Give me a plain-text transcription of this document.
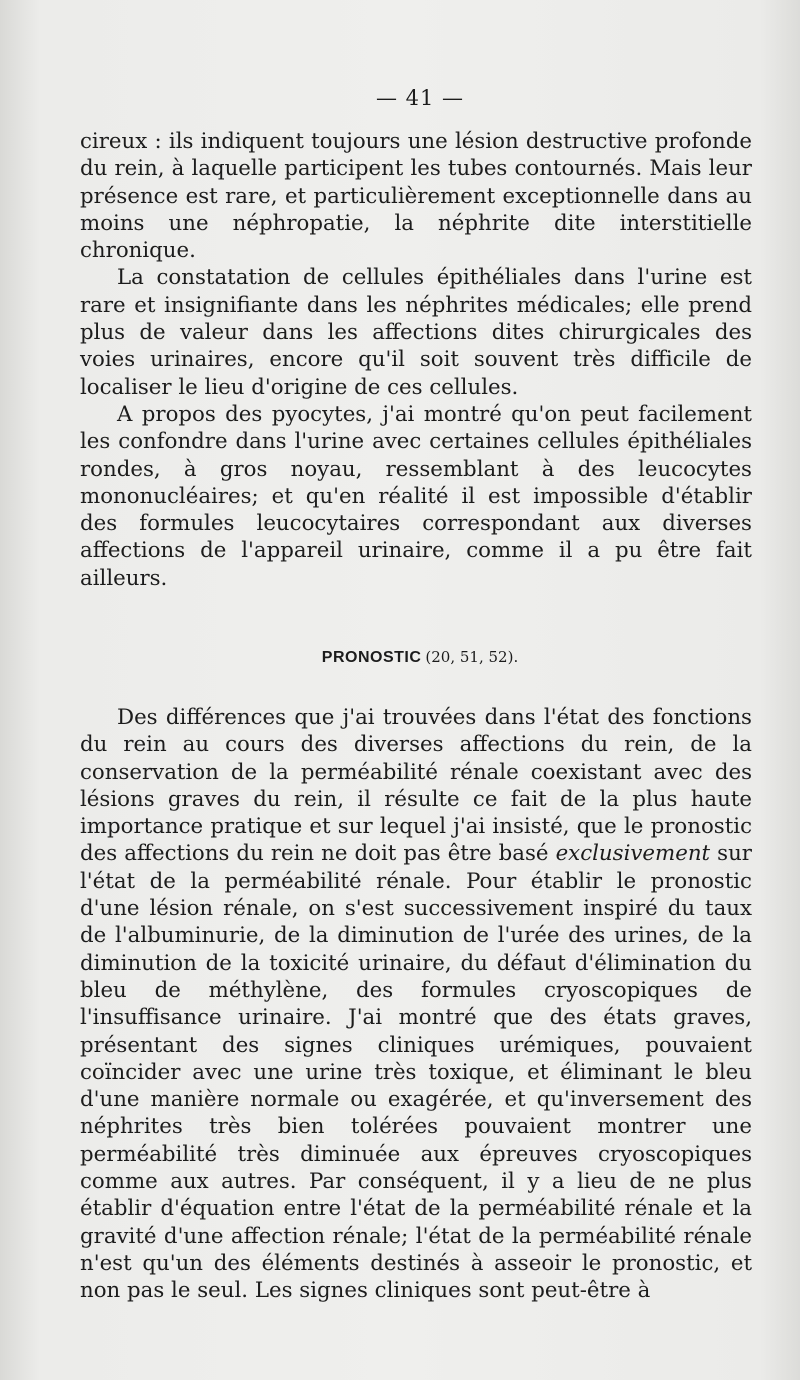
— 41 —

cireux : ils indiquent toujours une lésion destructive profonde du rein, à laquelle participent les tubes contournés. Mais leur présence est rare, et particulièrement exceptionnelle dans au moins une néphropatie, la néphrite dite interstitielle chronique.

La constatation de cellules épithéliales dans l'urine est rare et insignifiante dans les néphrites médicales; elle prend plus de valeur dans les affections dites chirurgicales des voies urinaires, encore qu'il soit souvent très difficile de localiser le lieu d'origine de ces cellules.

A propos des pyocytes, j'ai montré qu'on peut facilement les confondre dans l'urine avec certaines cellules épithéliales rondes, à gros noyau, ressemblant à des leucocytes mononucléaires; et qu'en réalité il est impossible d'établir des formules leucocytaires correspondant aux diverses affections de l'appareil urinaire, comme il a pu être fait ailleurs.

PRONOSTIC (20, 51, 52).

Des différences que j'ai trouvées dans l'état des fonctions du rein au cours des diverses affections du rein, de la conservation de la perméabilité rénale coexistant avec des lésions graves du rein, il résulte ce fait de la plus haute importance pratique et sur lequel j'ai insisté, que le pronostic des affections du rein ne doit pas être basé exclusivement sur l'état de la perméabilité rénale. Pour établir le pronostic d'une lésion rénale, on s'est successivement inspiré du taux de l'albuminurie, de la diminution de l'urée des urines, de la diminution de la toxicité urinaire, du défaut d'élimination du bleu de méthylène, des formules cryoscopiques de l'insuffisance urinaire. J'ai montré que des états graves, présentant des signes cliniques urémiques, pouvaient coïncider avec une urine très toxique, et éliminant le bleu d'une manière normale ou exagérée, et qu'inversement des néphrites très bien tolérées pouvaient montrer une perméabilité très diminuée aux épreuves cryoscopiques comme aux autres. Par conséquent, il y a lieu de ne plus établir d'équation entre l'état de la perméabilité rénale et la gravité d'une affection rénale; l'état de la perméabilité rénale n'est qu'un des éléments destinés à asseoir le pronostic, et non pas le seul. Les signes cliniques sont peut-être à
